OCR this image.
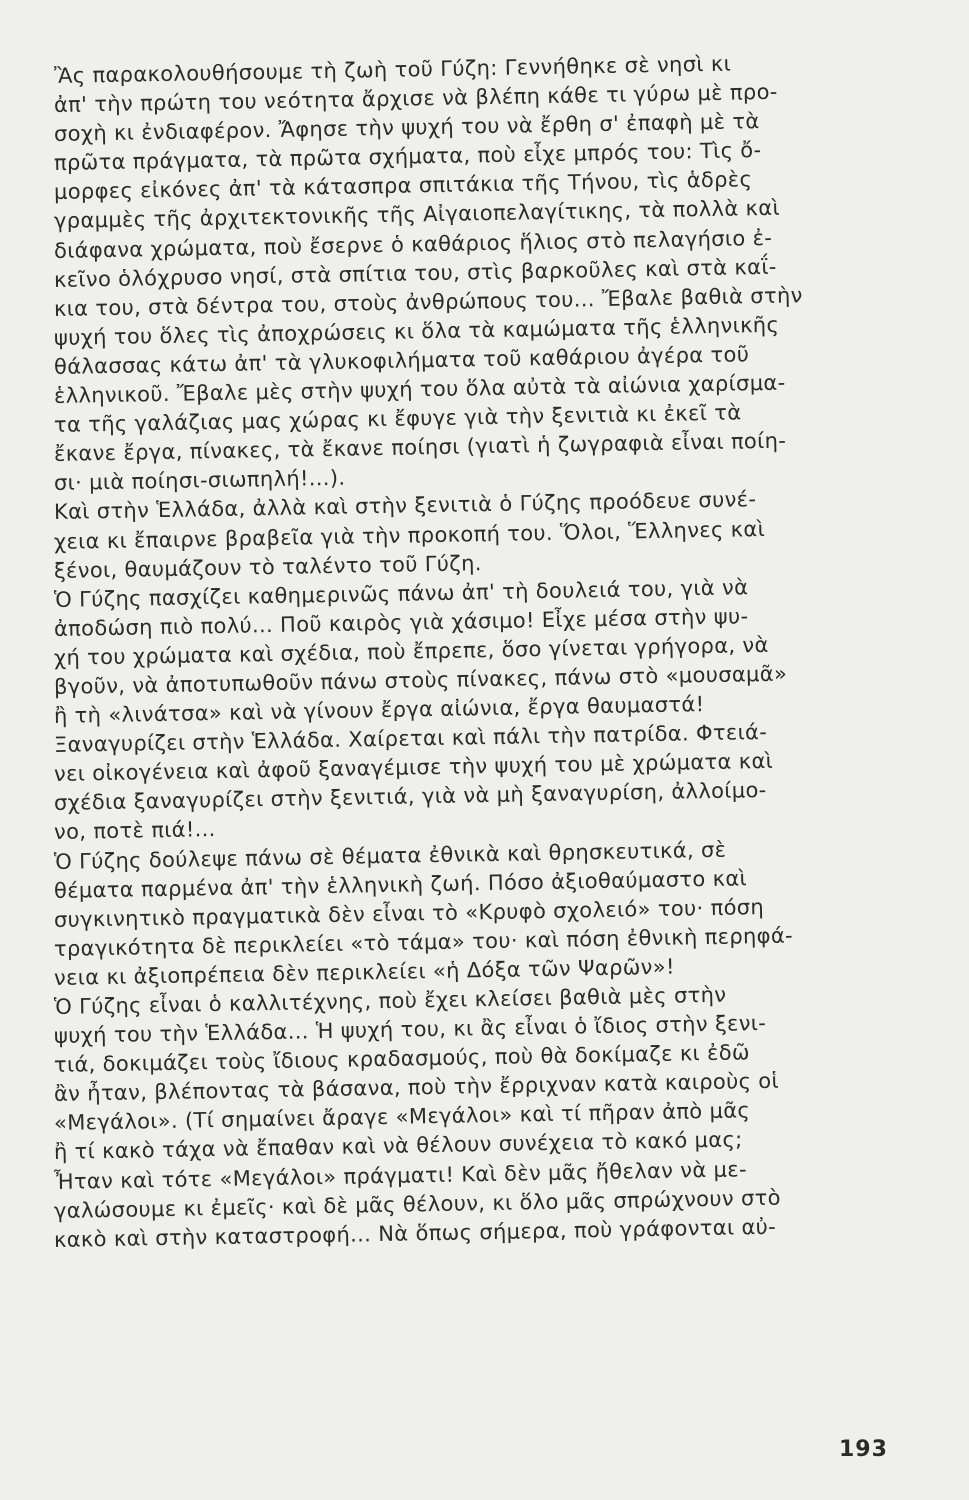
Ἂς παρακολουθήσουμε τὴ ζωὴ τοῦ Γύζη: Γεννήθηκε σὲ νησὶ κι
ἀπ' τὴν πρώτη του νεότητα ἄρχισε νὰ βλέπη κάθε τι γύρω μὲ προ-
σοχὴ κι ἐνδιαφέρον. Ἄφησε τὴν ψυχή του νὰ ἔρθη σ' ἐπαφὴ μὲ τὰ
πρῶτα πράγματα, τὰ πρῶτα σχήματα, ποὺ εἶχε μπρός του: Τὶς ὄ-
μορφες εἰκόνες ἀπ' τὰ κάτασπρα σπιτάκια τῆς Τήνου, τὶς ἁδρὲς
γραμμὲς τῆς ἀρχιτεκτονικῆς τῆς Αἰγαιοπελαγίτικης, τὰ πολλὰ καὶ
διάφανα χρώματα, ποὺ ἔσερνε ὁ καθάριος ἥλιος στὸ πελαγήσιο ἐ-
κεῖνο ὁλόχρυσο νησί, στὰ σπίτια του, στὶς βαρκοῦλες καὶ στὰ καΐ-
κια του, στὰ δέντρα του, στοὺς ἀνθρώπους του... Ἔβαλε βαθιὰ στὴν
ψυχή του ὅλες τὶς ἀποχρώσεις κι ὅλα τὰ καμώματα τῆς ἑλληνικῆς
θάλασσας κάτω ἀπ' τὰ γλυκοφιλήματα τοῦ καθάριου ἀγέρα τοῦ
ἑλληνικοῦ. Ἔβαλε μὲς στὴν ψυχή του ὅλα αὐτὰ τὰ αἰώνια χαρίσμα-
τα τῆς γαλάζιας μας χώρας κι ἔφυγε γιὰ τὴν ξενιτιὰ κι ἐκεῖ τὰ
ἔκανε ἔργα, πίνακες, τὰ ἔκανε ποίησι (γιατὶ ἡ ζωγραφιὰ εἶναι ποίη-
σι· μιὰ ποίησι-σιωπηλή!...).
Καὶ στὴν Ἑλλάδα, ἀλλὰ καὶ στὴν ξενιτιὰ ὁ Γύζης προόδευε συνέ-
χεια κι ἔπαιρνε βραβεῖα γιὰ τὴν προκοπή του. Ὅλοι, Ἕλληνες καὶ
ξένοι, θαυμάζουν τὸ ταλέντο τοῦ Γύζη.
Ὁ Γύζης πασχίζει καθημερινῶς πάνω ἀπ' τὴ δουλειά του, γιὰ νὰ
ἀποδώση πιὸ πολύ... Ποῦ καιρὸς γιὰ χάσιμο! Εἶχε μέσα στὴν ψυ-
χή του χρώματα καὶ σχέδια, ποὺ ἔπρεπε, ὅσο γίνεται γρήγορα, νὰ
βγοῦν, νὰ ἀποτυπωθοῦν πάνω στοὺς πίνακες, πάνω στὸ «μουσαμᾶ»
ἢ τὴ «λινάτσα» καὶ νὰ γίνουν ἔργα αἰώνια, ἔργα θαυμαστά!
Ξαναγυρίζει στὴν Ἑλλάδα. Χαίρεται καὶ πάλι τὴν πατρίδα. Φτειά-
νει οἰκογένεια καὶ ἀφοῦ ξαναγέμισε τὴν ψυχή του μὲ χρώματα καὶ
σχέδια ξαναγυρίζει στὴν ξενιτιά, γιὰ νὰ μὴ ξαναγυρίση, ἀλλοίμο-
νο, ποτὲ πιά!...
Ὁ Γύζης δούλεψε πάνω σὲ θέματα ἐθνικὰ καὶ θρησκευτικά, σὲ
θέματα παρμένα ἀπ' τὴν ἑλληνικὴ ζωή. Πόσο ἀξιοθαύμαστο καὶ
συγκινητικὸ πραγματικὰ δὲν εἶναι τὸ «Κρυφὸ σχολειό» του· πόση
τραγικότητα δὲ περικλείει «τὸ τάμα» του· καὶ πόση ἐθνικὴ περηφά-
νεια κι ἀξιοπρέπεια δὲν περικλείει «ἡ Δόξα τῶν Ψαρῶν»!
Ὁ Γύζης εἶναι ὁ καλλιτέχνης, ποὺ ἔχει κλείσει βαθιὰ μὲς στὴν
ψυχή του τὴν Ἑλλάδα... Ἡ ψυχή του, κι ἂς εἶναι ὁ ἴδιος στὴν ξενι-
τιά, δοκιμάζει τοὺς ἴδιους κραδασμούς, ποὺ θὰ δοκίμαζε κι ἐδῶ
ἂν ἦταν, βλέποντας τὰ βάσανα, ποὺ τὴν ἔρριχναν κατὰ καιροὺς οἱ
«Μεγάλοι». (Τί σημαίνει ἄραγε «Μεγάλοι» καὶ τί πῆραν ἀπὸ μᾶς
ἢ τί κακὸ τάχα νὰ ἔπαθαν καὶ νὰ θέλουν συνέχεια τὸ κακό μας;
Ἦταν καὶ τότε «Μεγάλοι» πράγματι! Καὶ δὲν μᾶς ἤθελαν νὰ με-
γαλώσουμε κι ἐμεῖς· καὶ δὲ μᾶς θέλουν, κι ὅλο μᾶς σπρώχνουν στὸ
κακὸ καὶ στὴν καταστροφή... Νὰ ὅπως σήμερα, ποὺ γράφονται αὐ-
193
